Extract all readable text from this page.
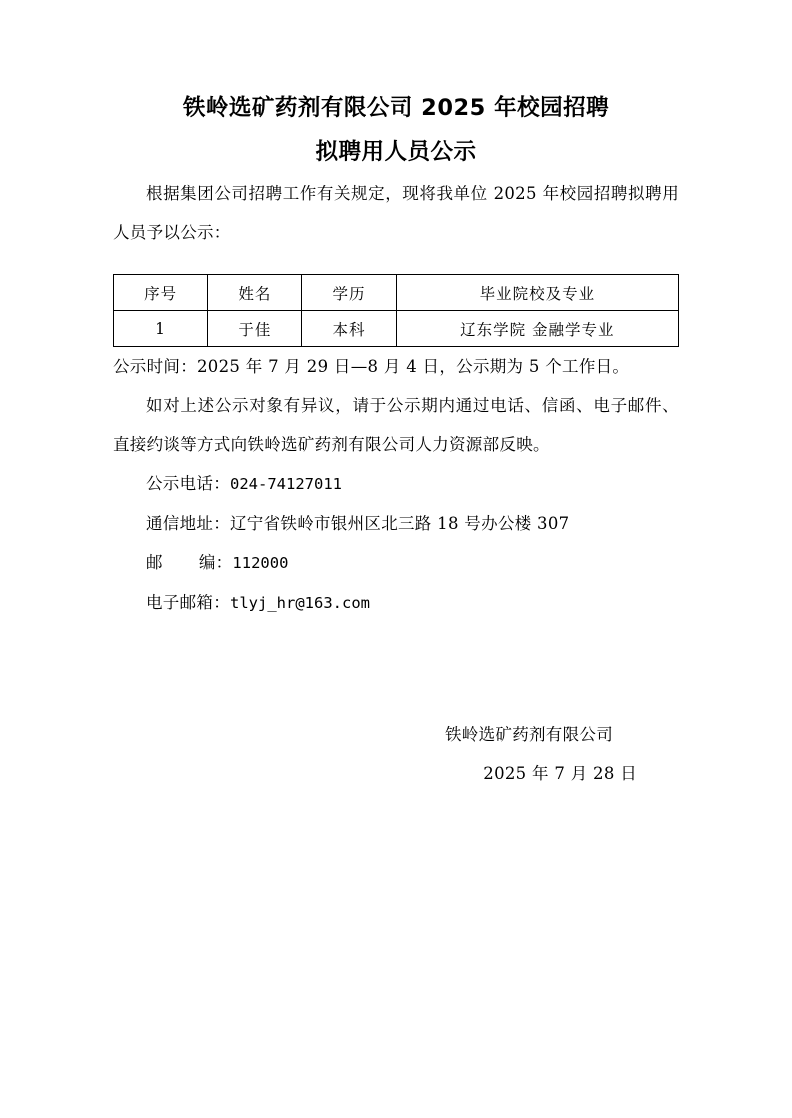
铁岭选矿药剂有限公司 2025 年校园招聘
拟聘用人员公示

根据集团公司招聘工作有关规定，现将我单位 2025 年校园招聘拟聘用人员予以公示：

序号	姓名	学历	毕业院校及专业
1	于佳	本科	辽东学院 金融学专业

公示时间：2025 年 7 月 29 日—8 月 4 日，公示期为 5 个工作日。

如对上述公示对象有异议，请于公示期内通过电话、信函、电子邮件、直接约谈等方式向铁岭选矿药剂有限公司人力资源部反映。

公示电话：024-74127011

通信地址：辽宁省铁岭市银州区北三路 18 号办公楼 307

邮 编：112000

电子邮箱：tlyj_hr@163.com

铁岭选矿药剂有限公司
2025 年 7 月 28 日
